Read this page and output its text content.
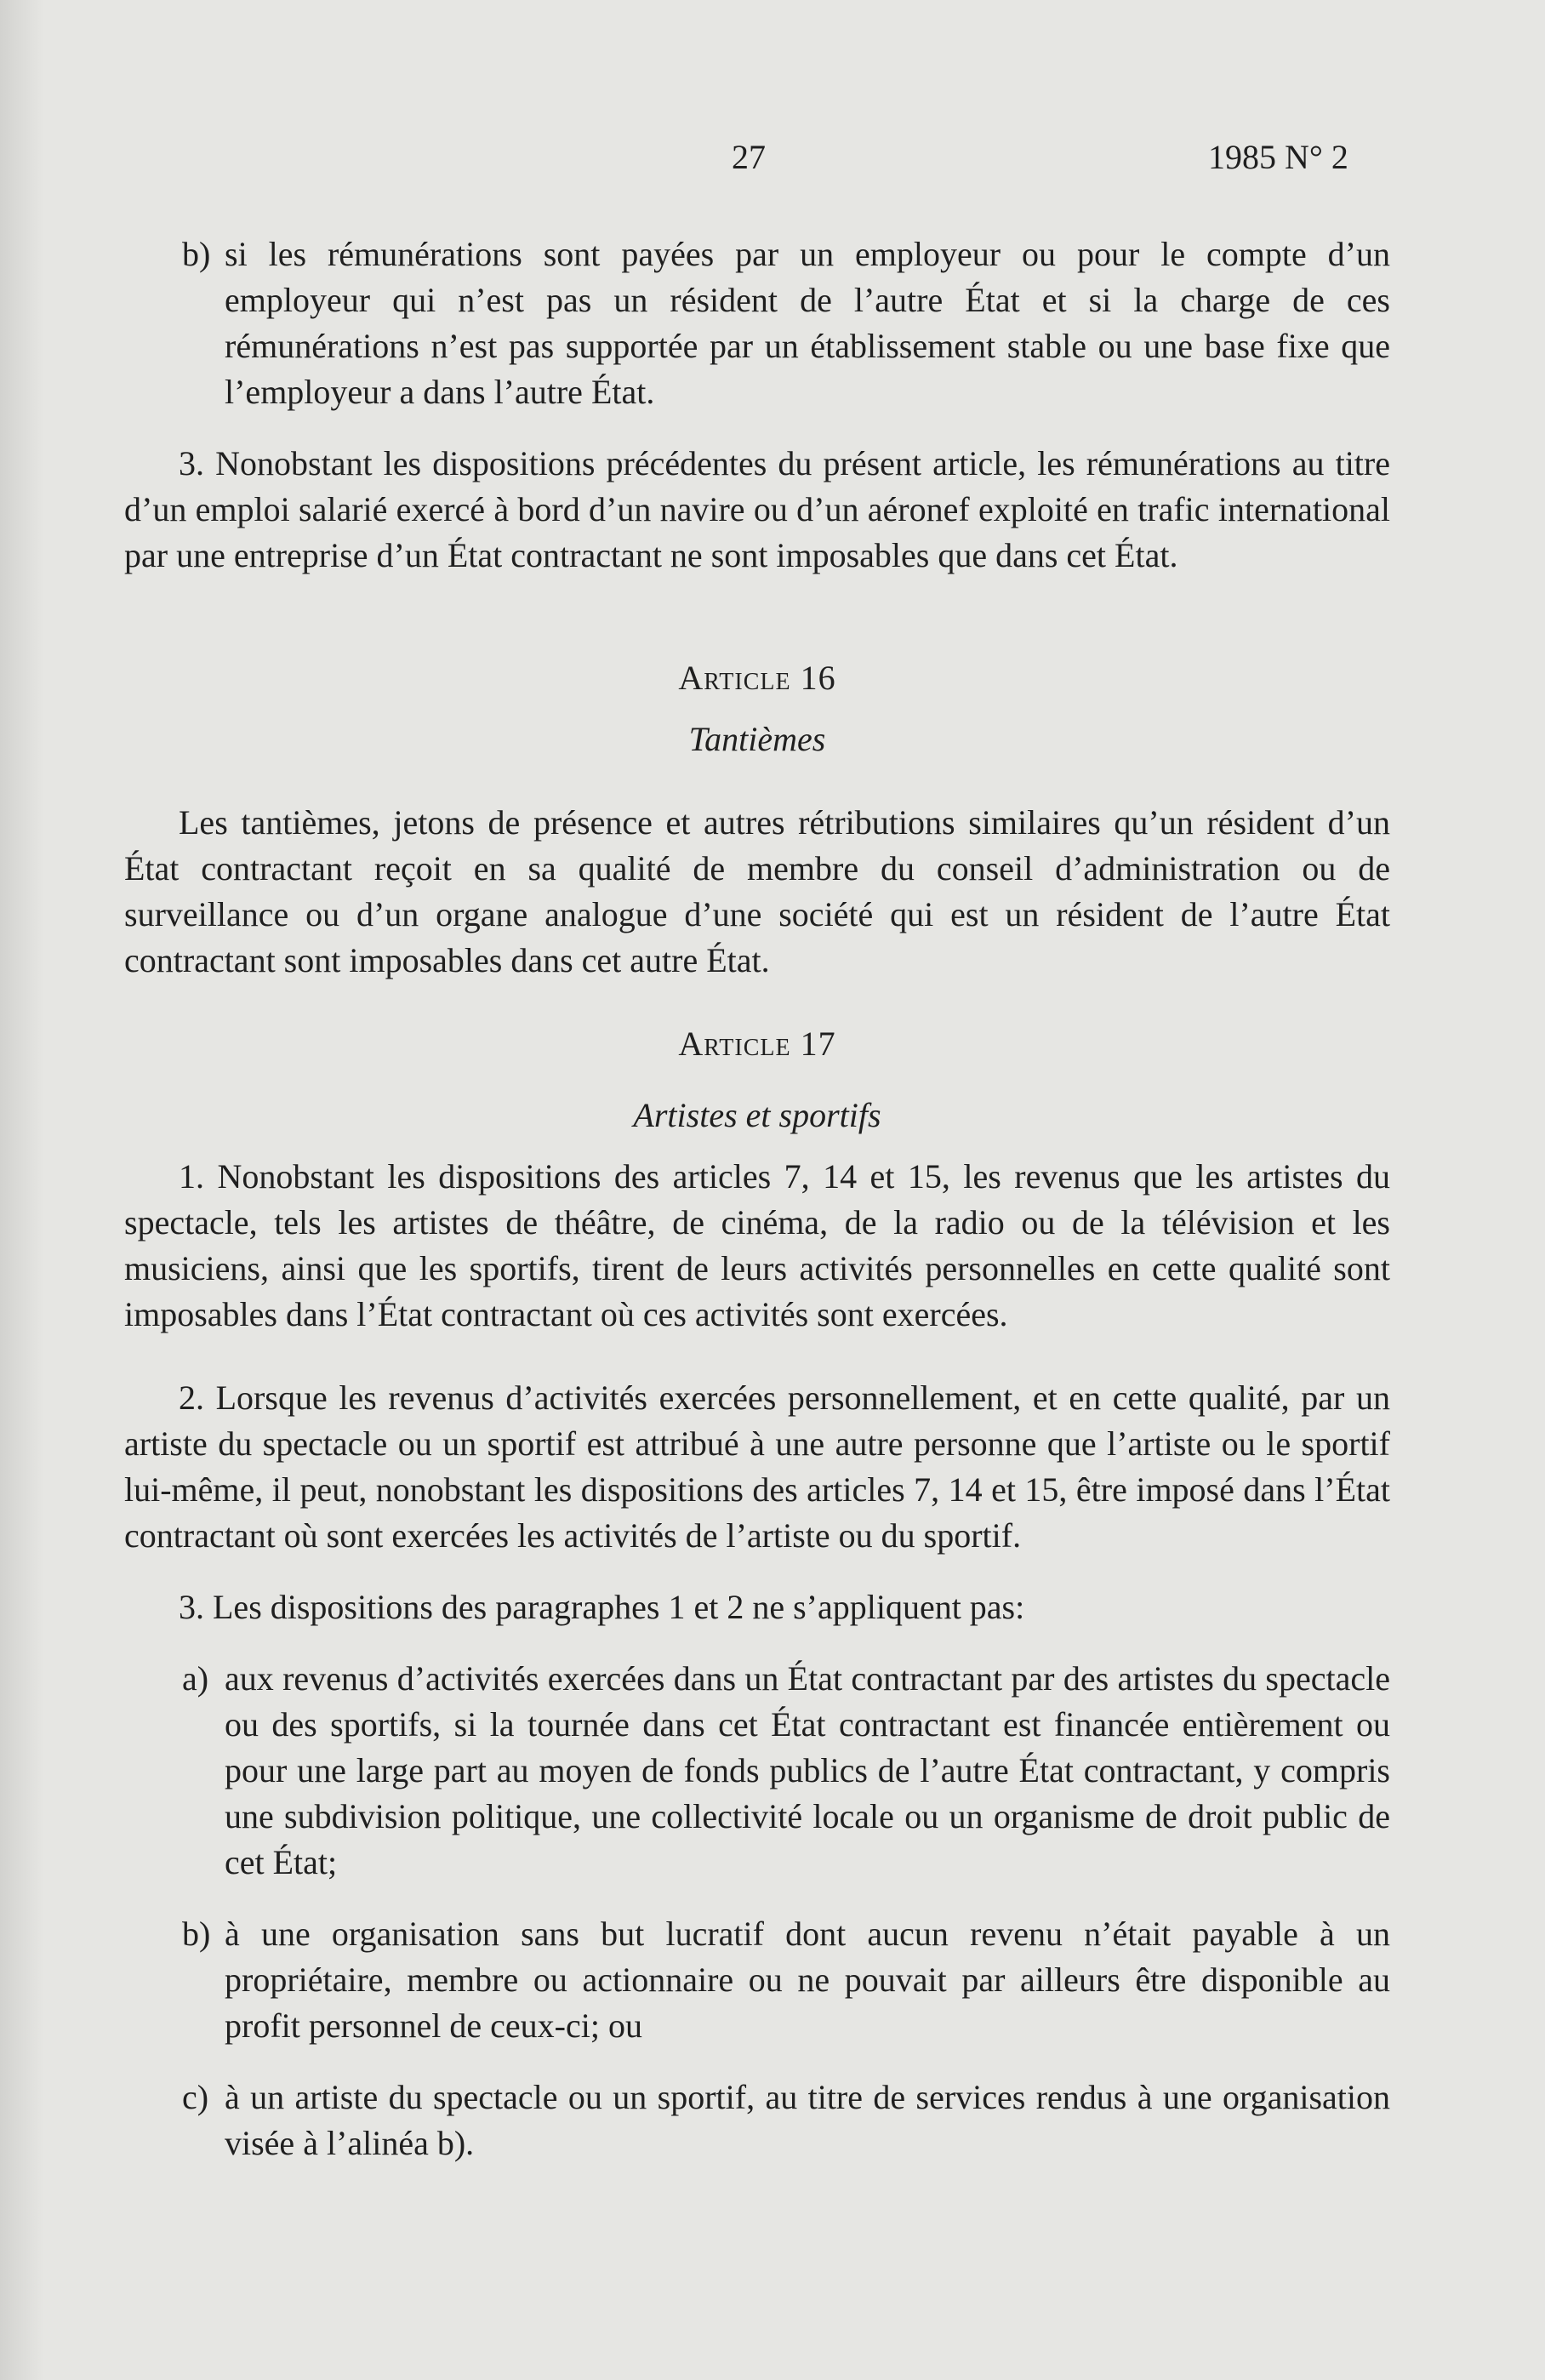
27	1985 N° 2
b) si les rémunérations sont payées par un employeur ou pour le compte d’un employeur qui n’est pas un résident de l’autre État et si la charge de ces rémunérations n’est pas supportée par un établissement stable ou une base fixe que l’employeur a dans l’autre État.

3. Nonobstant les dispositions précédentes du présent article, les rémunérations au titre d’un emploi salarié exercé à bord d’un navire ou d’un aéronef exploité en trafic international par une entreprise d’un État contractant ne sont imposables que dans cet État.

Article 16
Tantièmes

Les tantièmes, jetons de présence et autres rétributions similaires qu’un résident d’un État contractant reçoit en sa qualité de membre du conseil d’administration ou de surveillance ou d’un organe analogue d’une société qui est un résident de l’autre État contractant sont imposables dans cet autre État.

Article 17
Artistes et sportifs

1. Nonobstant les dispositions des articles 7, 14 et 15, les revenus que les artistes du spectacle, tels les artistes de théâtre, de cinéma, de la radio ou de la télévision et les musiciens, ainsi que les sportifs, tirent de leurs activités personnelles en cette qualité sont imposables dans l’État contractant où ces activités sont exercées.

2. Lorsque les revenus d’activités exercées personnellement, et en cette qualité, par un artiste du spectacle ou un sportif est attribué à une autre personne que l’artiste ou le sportif lui-même, il peut, nonobstant les dispositions des articles 7, 14 et 15, être imposé dans l’État contractant où sont exercées les activités de l’artiste ou du sportif.

3. Les dispositions des paragraphes 1 et 2 ne s’appliquent pas:

a) aux revenus d’activités exercées dans un État contractant par des artistes du spectacle ou des sportifs, si la tournée dans cet État contractant est financée entièrement ou pour une large part au moyen de fonds publics de l’autre État contractant, y compris une subdivision politique, une collectivité locale ou un organisme de droit public de cet État;
b) à une organisation sans but lucratif dont aucun revenu n’était payable à un propriétaire, membre ou actionnaire ou ne pouvait par ailleurs être disponible au profit personnel de ceux-ci; ou
c) à un artiste du spectacle ou un sportif, au titre de services rendus à une organisation visée à l’alinéa b).
